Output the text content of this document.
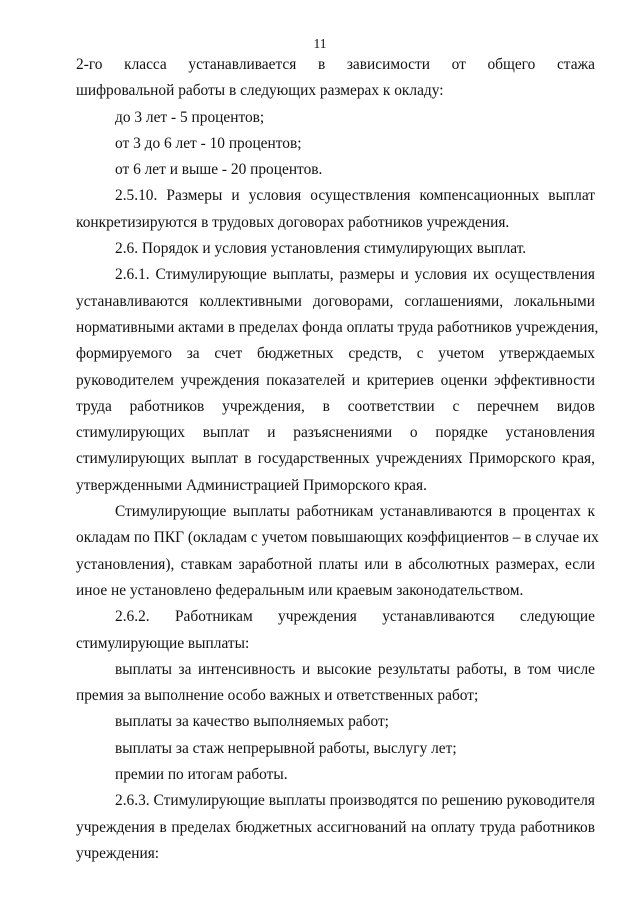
11
2-го класса устанавливается в зависимости от общего стажа
шифровальной работы в следующих размерах к окладу:
до 3 лет - 5 процентов;
от 3 до 6 лет - 10 процентов;
от 6 лет и выше - 20 процентов.
2.5.10. Размеры и условия осуществления компенсационных выплат
конкретизируются в трудовых договорах работников учреждения.
2.6. Порядок и условия установления стимулирующих выплат.
2.6.1. Стимулирующие выплаты, размеры и условия их осуществления
устанавливаются коллективными договорами, соглашениями, локальными
нормативными актами в пределах фонда оплаты труда работников учреждения,
формируемого за счет бюджетных средств, с учетом утверждаемых
руководителем учреждения показателей и критериев оценки эффективности
труда работников учреждения, в соответствии с перечнем видов
стимулирующих выплат и разъяснениями о порядке установления
стимулирующих выплат в государственных учреждениях Приморского края,
утвержденными Администрацией Приморского края.
Стимулирующие выплаты работникам устанавливаются в процентах к
окладам по ПКГ (окладам с учетом повышающих коэффициентов – в случае их
установления), ставкам заработной платы или в абсолютных размерах, если
иное не установлено федеральным или краевым законодательством.
2.6.2. Работникам учреждения устанавливаются следующие
стимулирующие выплаты:
выплаты за интенсивность и высокие результаты работы, в том числе
премия за выполнение особо важных и ответственных работ;
выплаты за качество выполняемых работ;
выплаты за стаж непрерывной работы, выслугу лет;
премии по итогам работы.
2.6.3. Стимулирующие выплаты производятся по решению руководителя
учреждения в пределах бюджетных ассигнований на оплату труда работников
учреждения:
